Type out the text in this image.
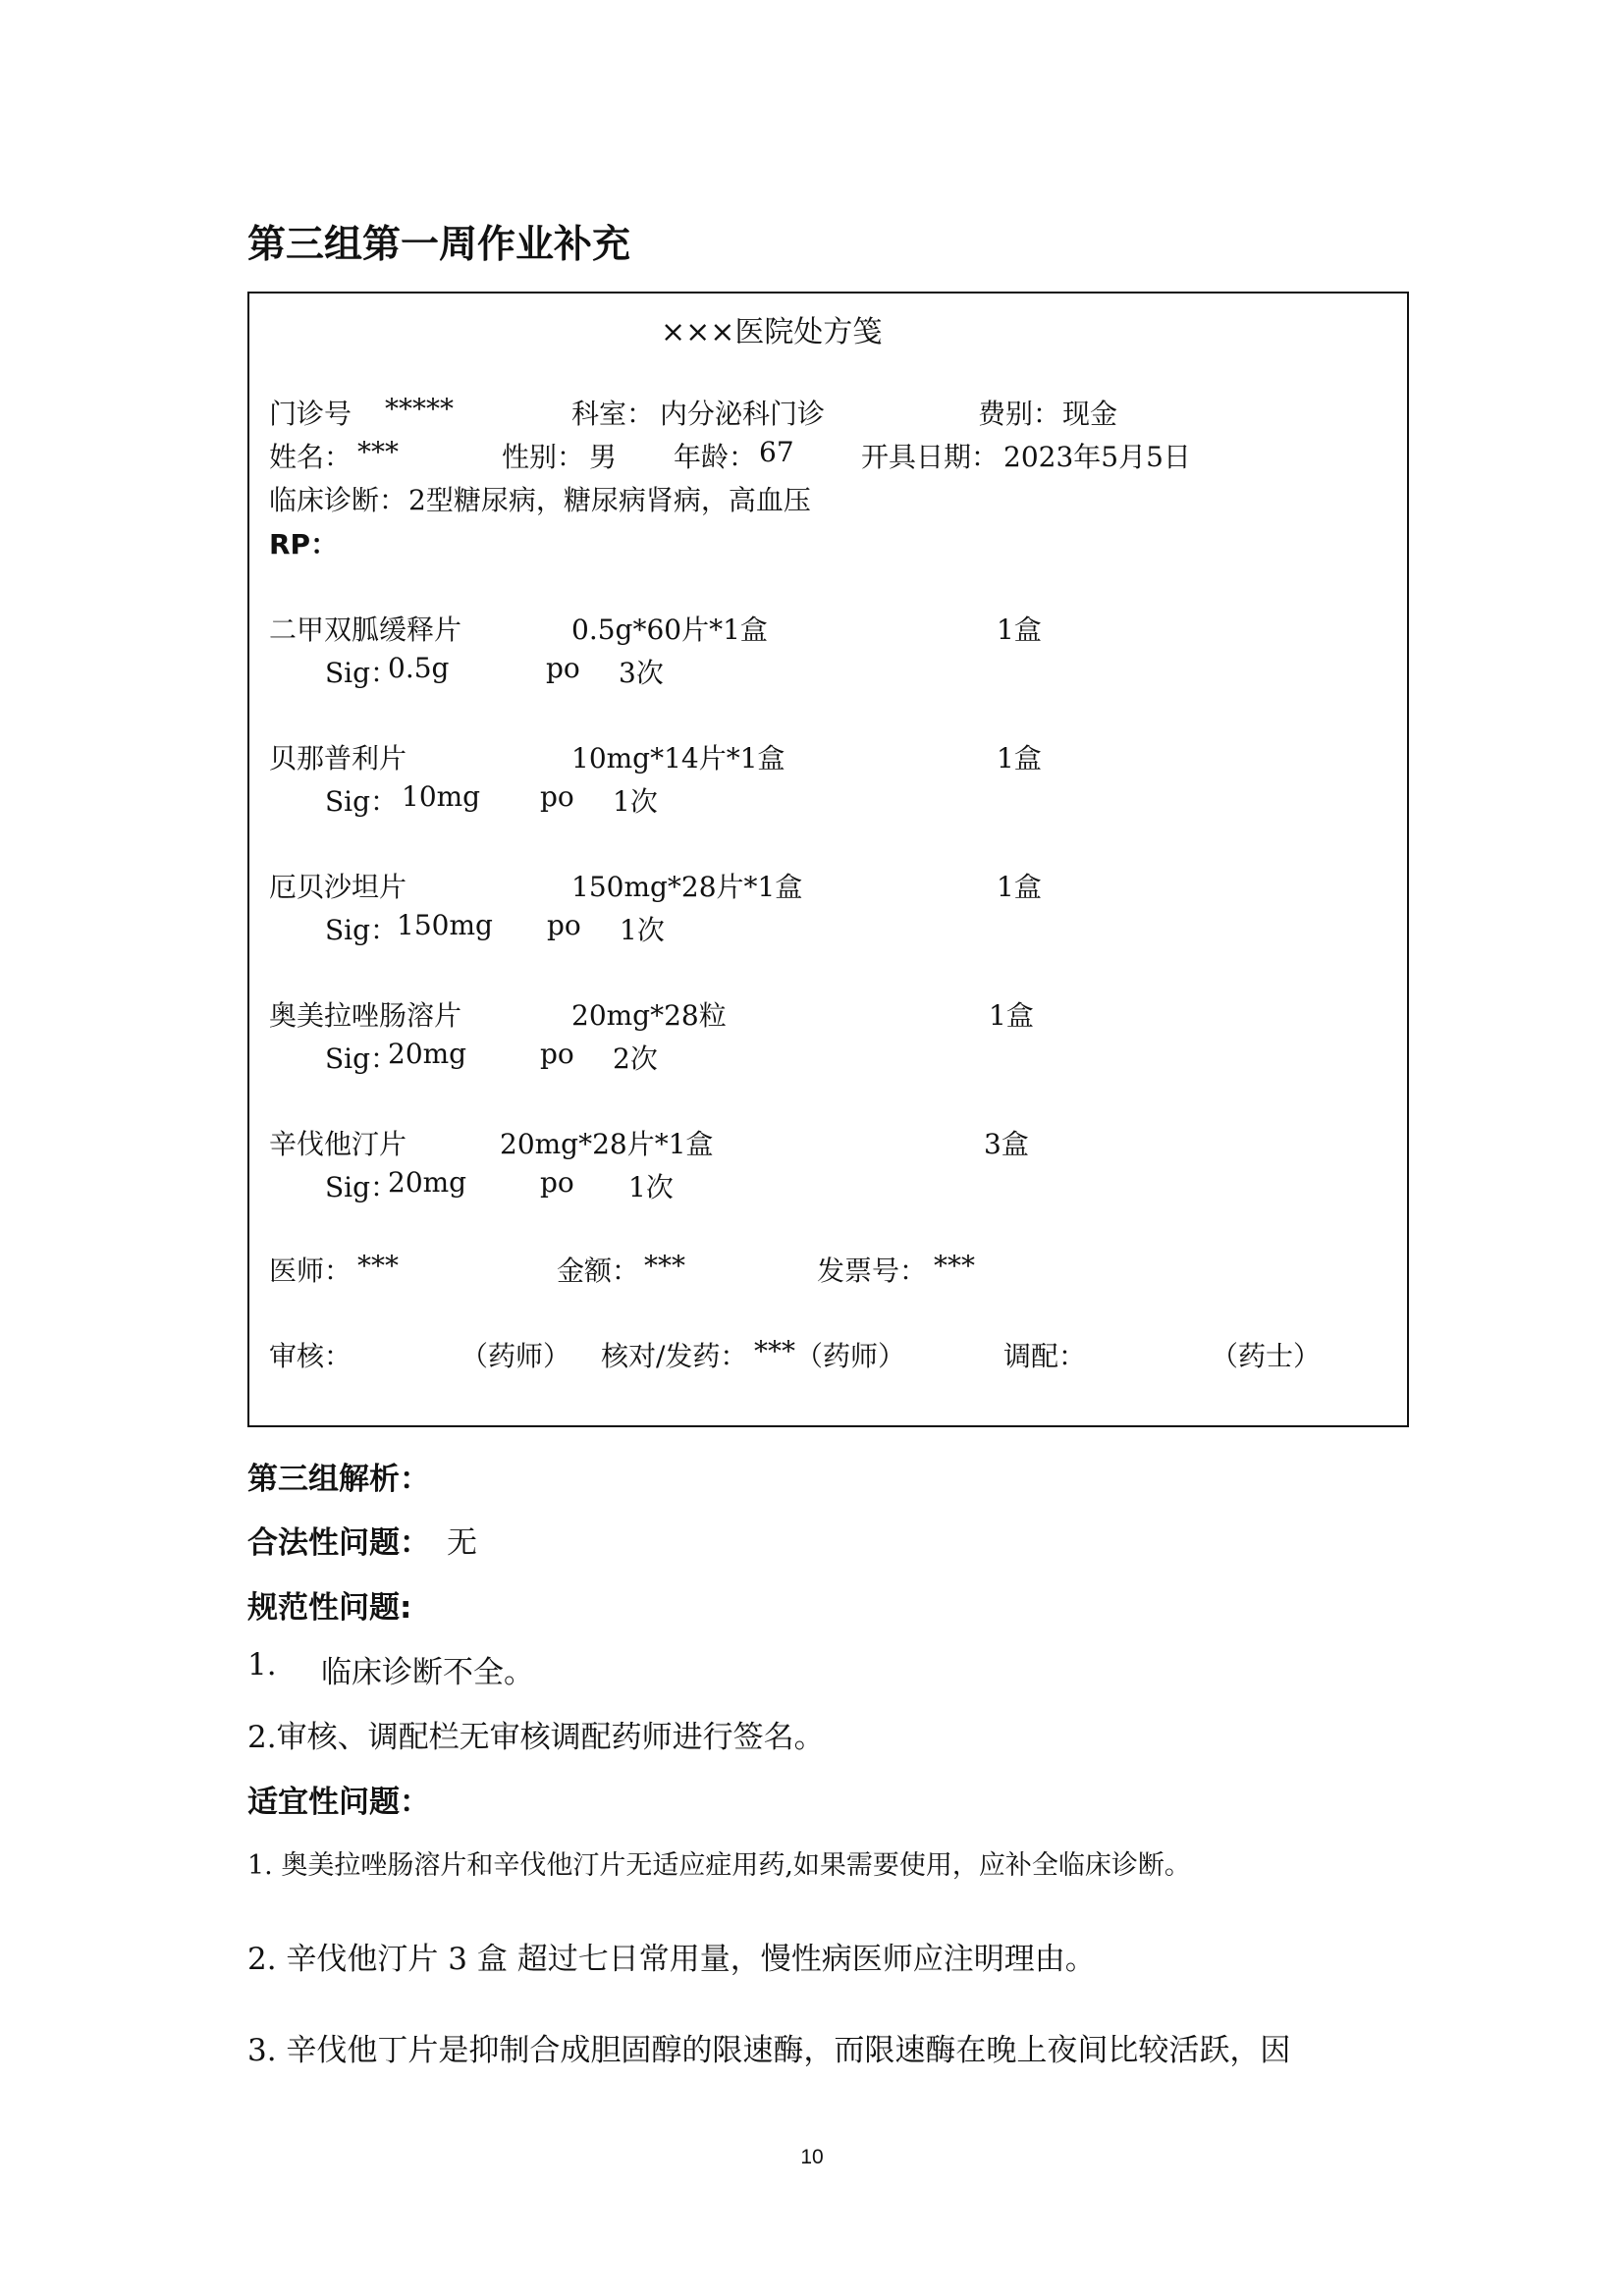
第三组第一周作业补充
×××医院处方笺
门诊号 *****	科室： 内分泌科门诊	费别： 现金
姓名： ***	性别： 男 年龄： 67 开具日期： 2023年5月5日
临床诊断： 2型糖尿病，糖尿病肾病，高血压
RP：
二甲双胍缓释片	0.5g*60片*1盒	1盒
Sig：
0.5g	po 3次
贝那普利片	10mg*14片*1盒	1盒
Sig： 10mg po 1次
厄贝沙坦片	150mg*28片*1盒	1盒
Sig：
150mg po 1次
奥美拉唑肠溶片	20mg*28粒	1盒
Sig：
20mg	po 2次
辛伐他汀片	20mg*28片*1盒	3盒
Sig：
20mg	po 1次
医师： ***	金额： ***	发票号： ***
审核：	（药师） 核对/发药： *** （药师）	调配：	（药士）
第三组解析：
合法性问题： 无
规范性问题:
1. 临床诊断不全。
2.审核、调配栏无审核调配药师进行签名。
适宜性问题：
1. 奥美拉唑肠溶片和辛伐他汀片无适应症用药,如果需要使用，应补全临床诊断。
2. 辛伐他汀片 3 盒 超过七日常用量，慢性病医师应注明理由。
3. 辛伐他丁片是抑制合成胆固醇的限速酶，而限速酶在晚上夜间比较活跃，因
10
